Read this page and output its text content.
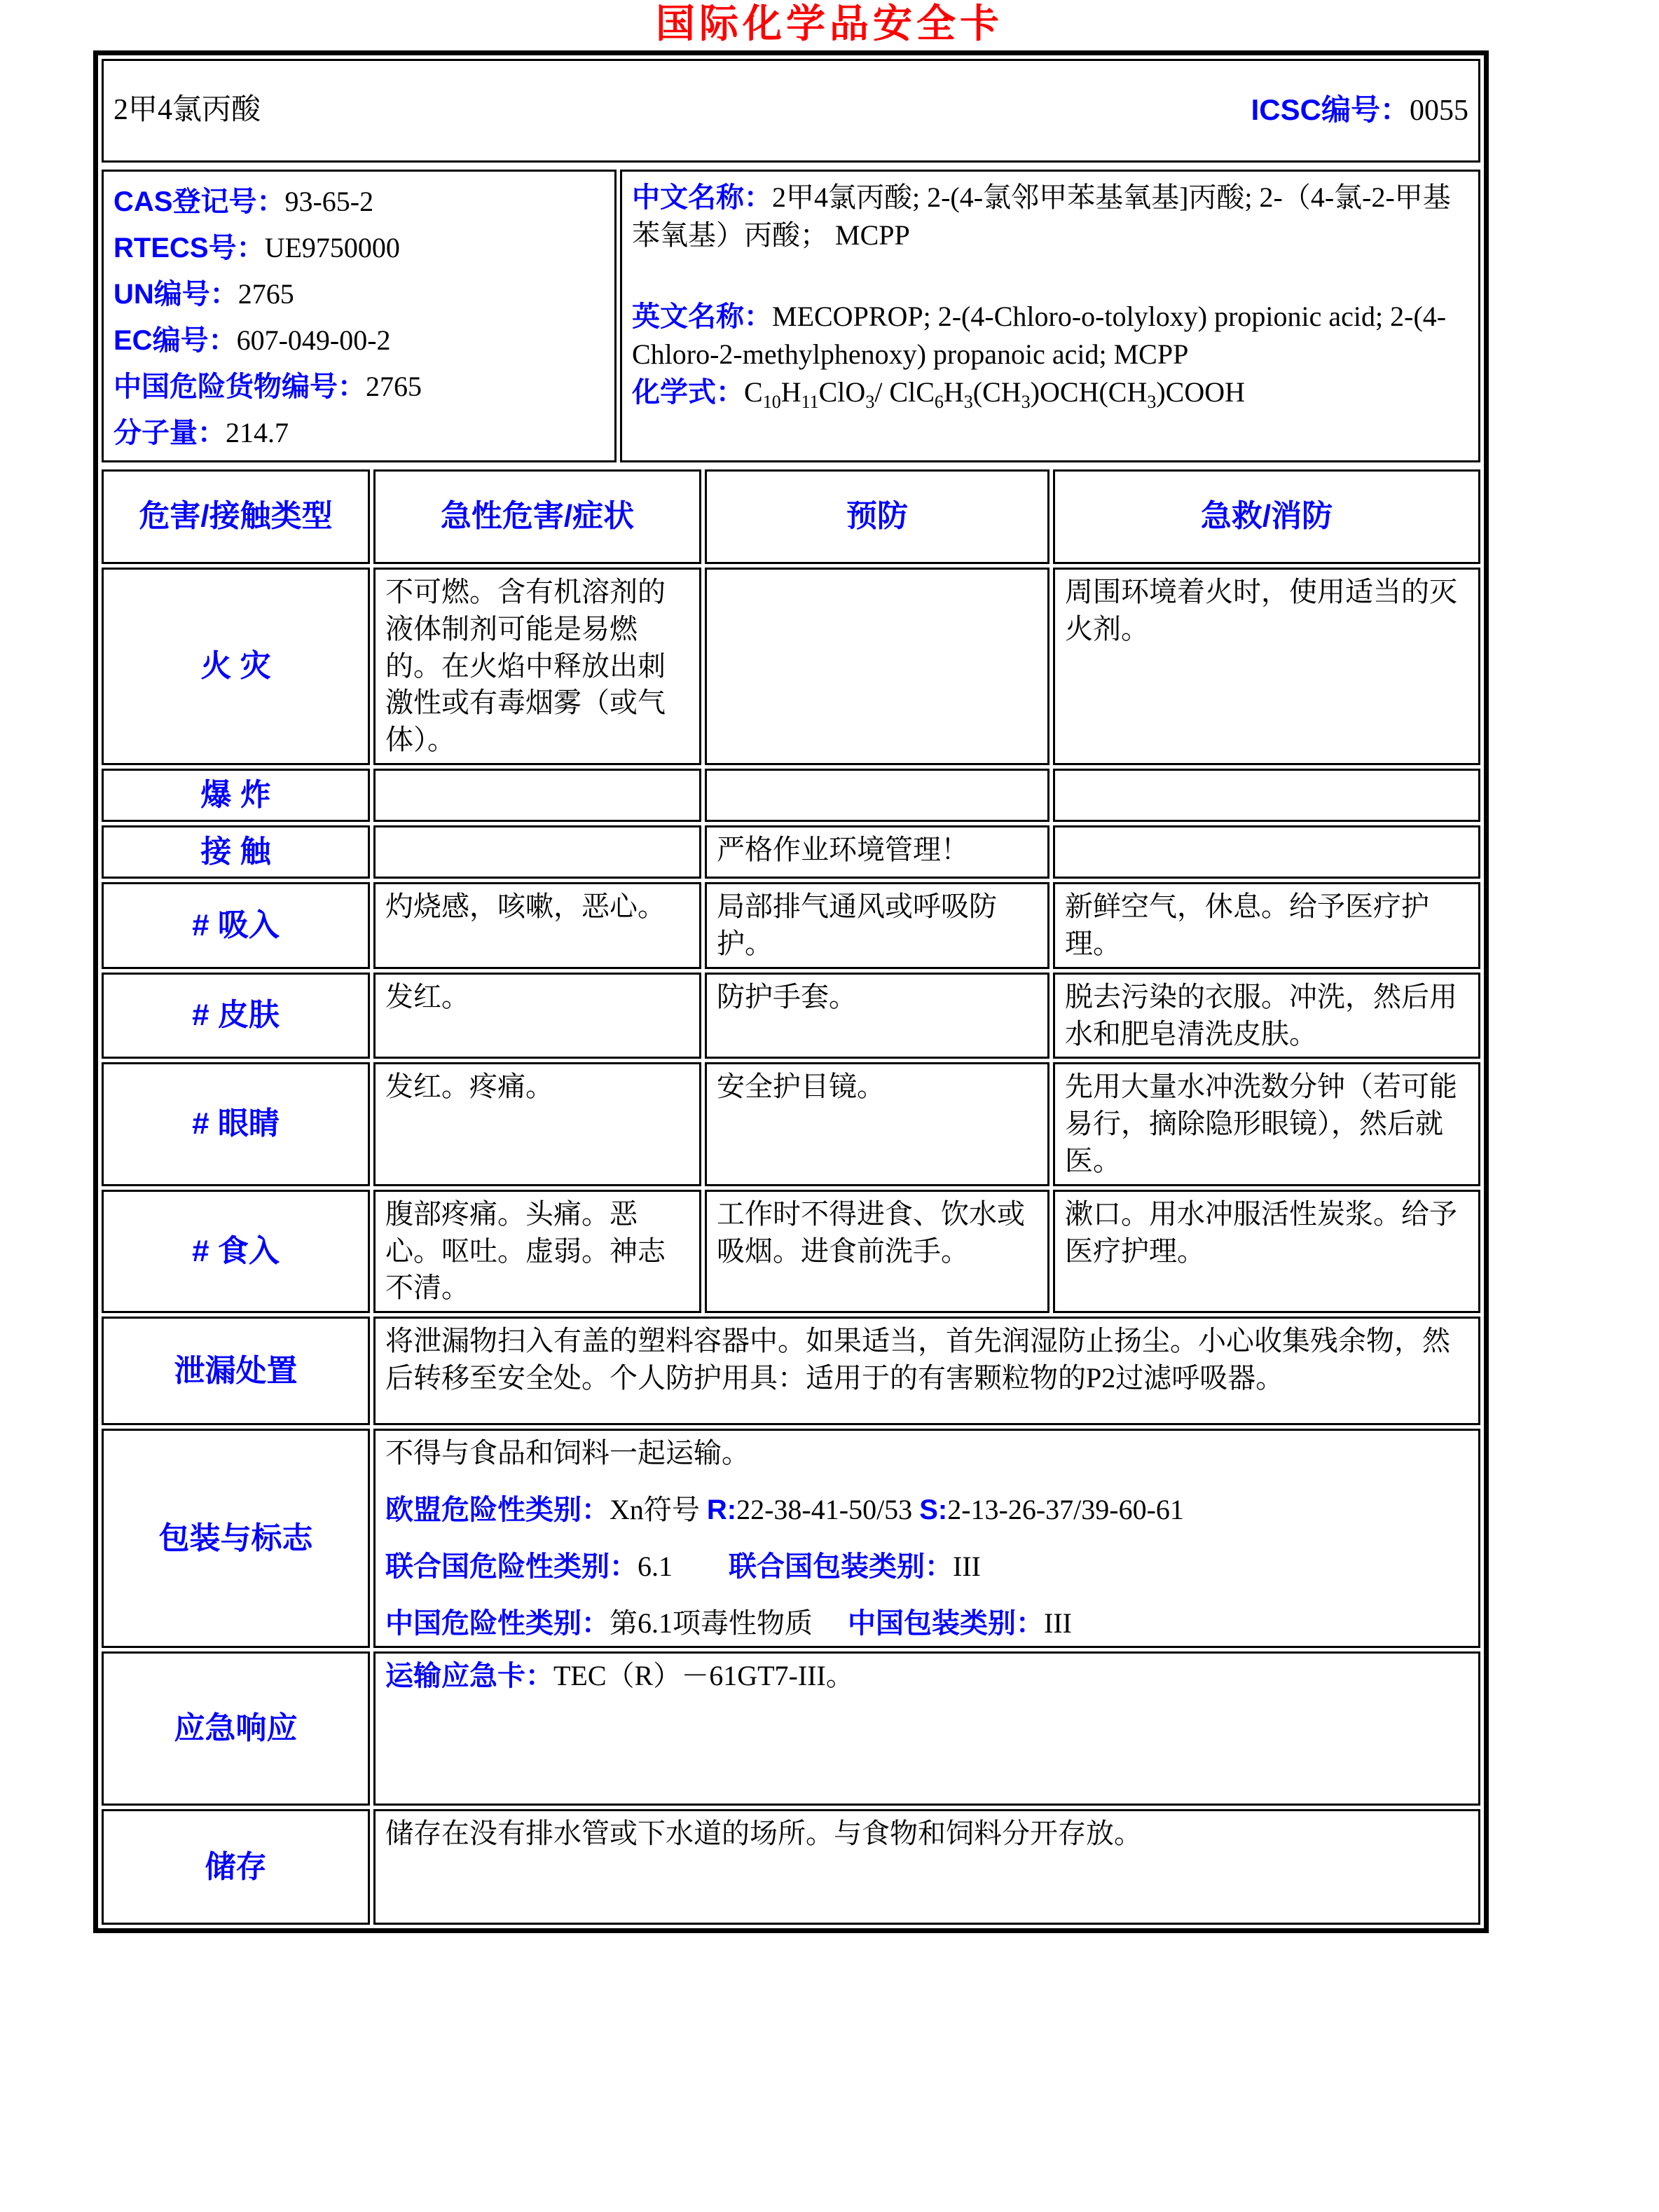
国际化学品安全卡
2甲4氯丙酸	ICSC编号：0055
CAS登记号：93-65-2
RTECS号：UE9750000
UN编号：2765
EC编号：607-049-00-2
中国危险货物编号：2765
分子量：214.7

中文名称：2甲4氯丙酸; 2-(4-氯邻甲苯基氧基]丙酸; 2-（4-氯-2-甲基苯氧基）丙酸； MCPP

英文名称：MECOPROP; 2-(4-Chloro-o-tolyloxy) propionic acid; 2-(4-Chloro-2-methylphenoxy) propanoic acid; MCPP

化学式：$C_{10}H_{11}ClO_3/$ $ClC_6H_3(CH_3)OCH(CH_3)COOH$

危害/接触类型	急性危害/症状	预防	急救/消防
火 灾	不可燃。含有机溶剂的液体制剂可能是易燃的。在火焰中释放出刺激性或有毒烟雾（或气体）。		周围环境着火时，使用适当的灭火剂。
爆 炸			
接 触		严格作业环境管理！	
# 吸入	灼烧感，咳嗽，恶心。	局部排气通风或呼吸防护。	新鲜空气，休息。给予医疗护理。
# 皮肤	发红。	防护手套。	脱去污染的衣服。冲洗，然后用水和肥皂清洗皮肤。
# 眼睛	发红。疼痛。	安全护目镜。	先用大量水冲洗数分钟（若可能易行，摘除隐形眼镜），然后就医。
# 食入	腹部疼痛。头痛。恶心。呕吐。虚弱。神志不清。	工作时不得进食、饮水或吸烟。进食前洗手。	漱口。用水冲服活性炭浆。给予医疗护理。
泄漏处置	将泄漏物扫入有盖的塑料容器中。如果适当，首先润湿防止扬尘。小心收集残余物，然后转移至安全处。个人防护用具：适用于的有害颗粒物的P2过滤呼吸器。		

包装与标志	不得与食品和饲料一起运输。
欧盟危险性类别：Xn符号 R:22-38-41-50/53 S:2-13-26-37/39-60-61
联合国危险性类别：6.1　　联合国包装类别：III
中国危险性类别：第6.1项毒性物质　 中国包装类别：III		

应急响应	运输应急卡：TEC（R）－61GT7-III。		

储存	储存在没有排水管或下水道的场所。与食物和饲料分开存放。		
